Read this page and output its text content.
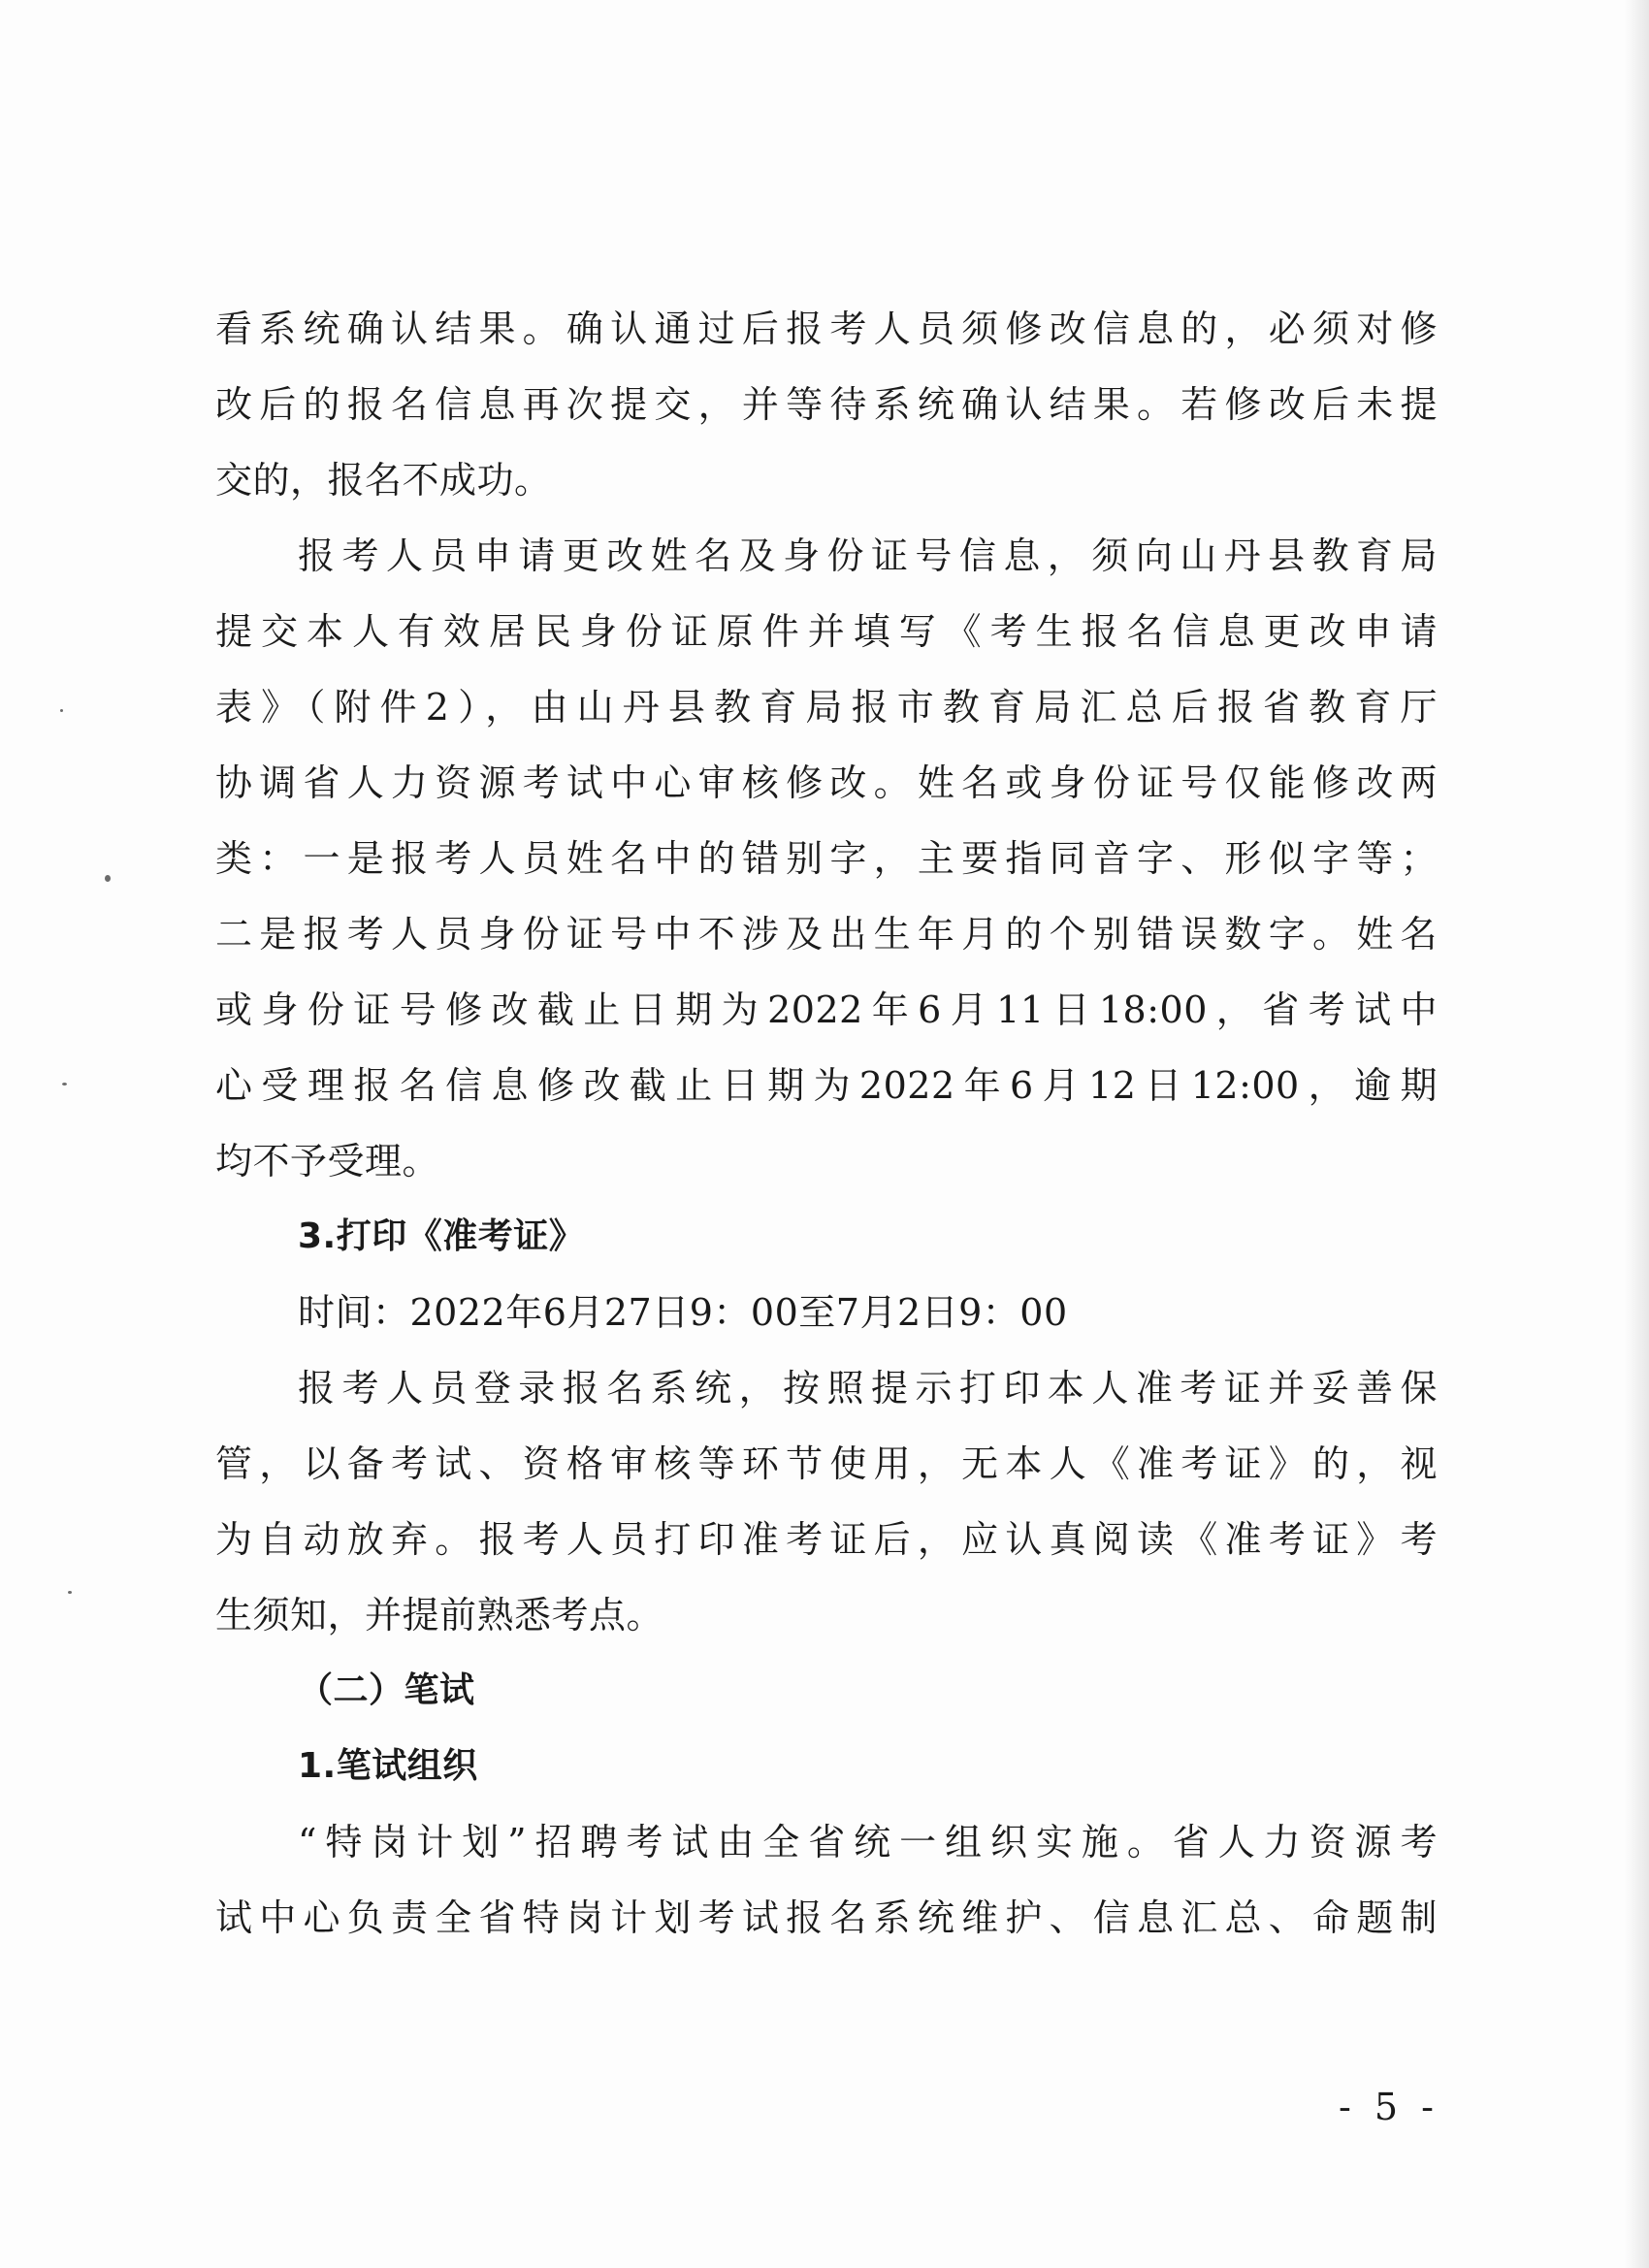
看系统确认结果。确认通过后报考人员须修改信息的，必须对修
改后的报名信息再次提交，并等待系统确认结果。若修改后未提
交的，报名不成功。
报考人员申请更改姓名及身份证号信息，须向山丹县教育局
提交本人有效居民身份证原件并填写《考生报名信息更改申请
表》（附件2），由山丹县教育局报市教育局汇总后报省教育厅
协调省人力资源考试中心审核修改。姓名或身份证号仅能修改两
类：一是报考人员姓名中的错别字，主要指同音字、形似字等；
二是报考人员身份证号中不涉及出生年月的个别错误数字。姓名
或身份证号修改截止日期为2022年6月11日18:00，省考试中
心受理报名信息修改截止日期为2022年6月12日12:00，逾期
均不予受理。
3.打印《准考证》
时间：2022年6月27日9：00至7月2日9：00
报考人员登录报名系统，按照提示打印本人准考证并妥善保
管，以备考试、资格审核等环节使用，无本人《准考证》的，视
为自动放弃。报考人员打印准考证后，应认真阅读《准考证》考
生须知，并提前熟悉考点。
（二）笔试
1.笔试组织
“特岗计划”招聘考试由全省统一组织实施。省人力资源考
试中心负责全省特岗计划考试报名系统维护、信息汇总、命题制
- 5 -
